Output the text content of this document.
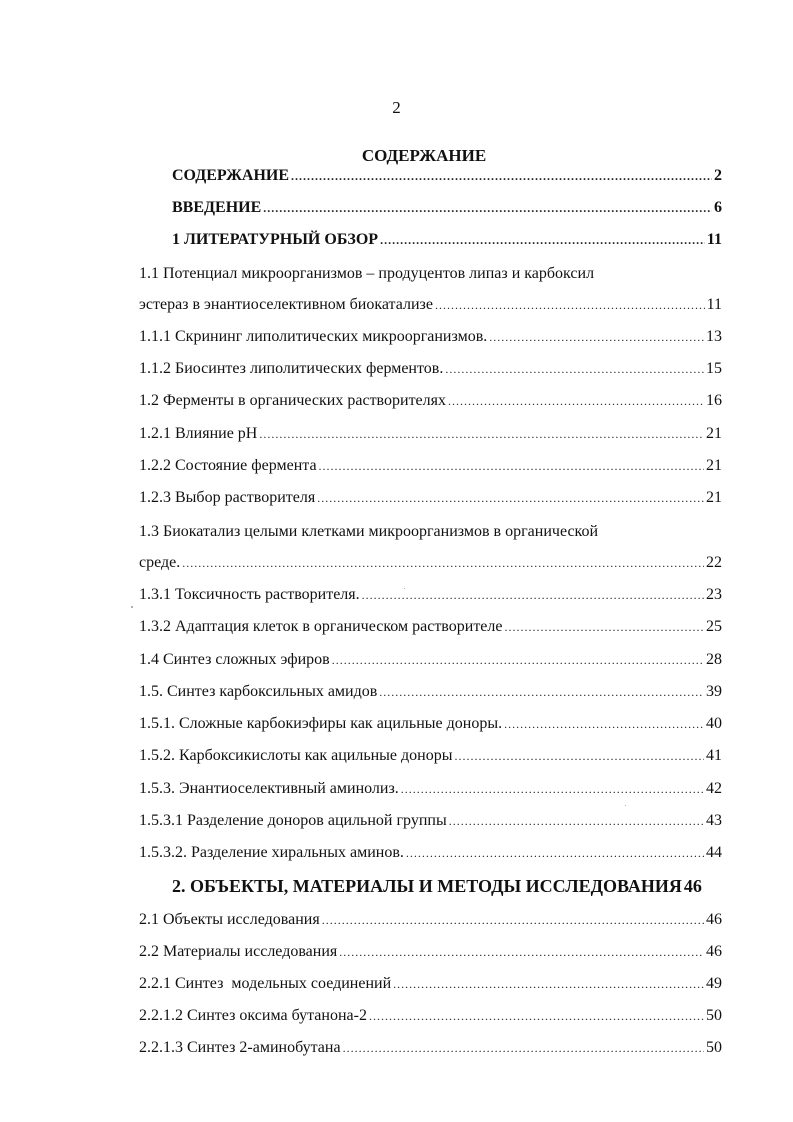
2
СОДЕРЖАНИЕ
СОДЕРЖАНИЕ .....	2
ВВЕДЕНИЕ .....	6
1 ЛИТЕРАТУРНЫЙ ОБЗОР .....	11
1.1 Потенциал микроорганизмов – продуцентов липаз и карбоксил
эстераз в энантиоселективном биокатализе .....	11
1.1.1 Скрининг липолитических микроорганизмов. .....	13
1.1.2 Биосинтез липолитических ферментов. .....	15
1.2 Ферменты в органических растворителях .....	16
1.2.1 Влияние pH .....	21
1.2.2 Состояние фермента .....	21
1.2.3 Выбор растворителя .....	21
1.3 Биокатализ целыми клетками микроорганизмов в органической
среде. .....	22
1.3.1 Токсичность растворителя. .....	23
1.3.2 Адаптация клеток в органическом растворителе .....	25
1.4 Синтез сложных эфиров .....	28
1.5. Синтез карбоксильных амидов .....	39
1.5.1. Сложные карбокиэфиры как ацильные доноры. .....	40
1.5.2. Карбоксикислоты как ацильные доноры .....	41
1.5.3. Энантиоселективный аминолиз. .....	42
1.5.3.1 Разделение доноров ацильной группы .....	43
1.5.3.2. Разделение хиральных аминов. .....	44
2. ОБЪЕКТЫ, МАТЕРИАЛЫ И МЕТОДЫ ИССЛЕДОВАНИЯ 46
2.1 Объекты исследования .....	46
2.2 Материалы исследования .....	46
2.2.1 Синтез  модельных соединений .....	49
2.2.1.2 Синтез оксима бутанона-2 .....	50
2.2.1.3 Синтез 2-аминобутана .....	50
